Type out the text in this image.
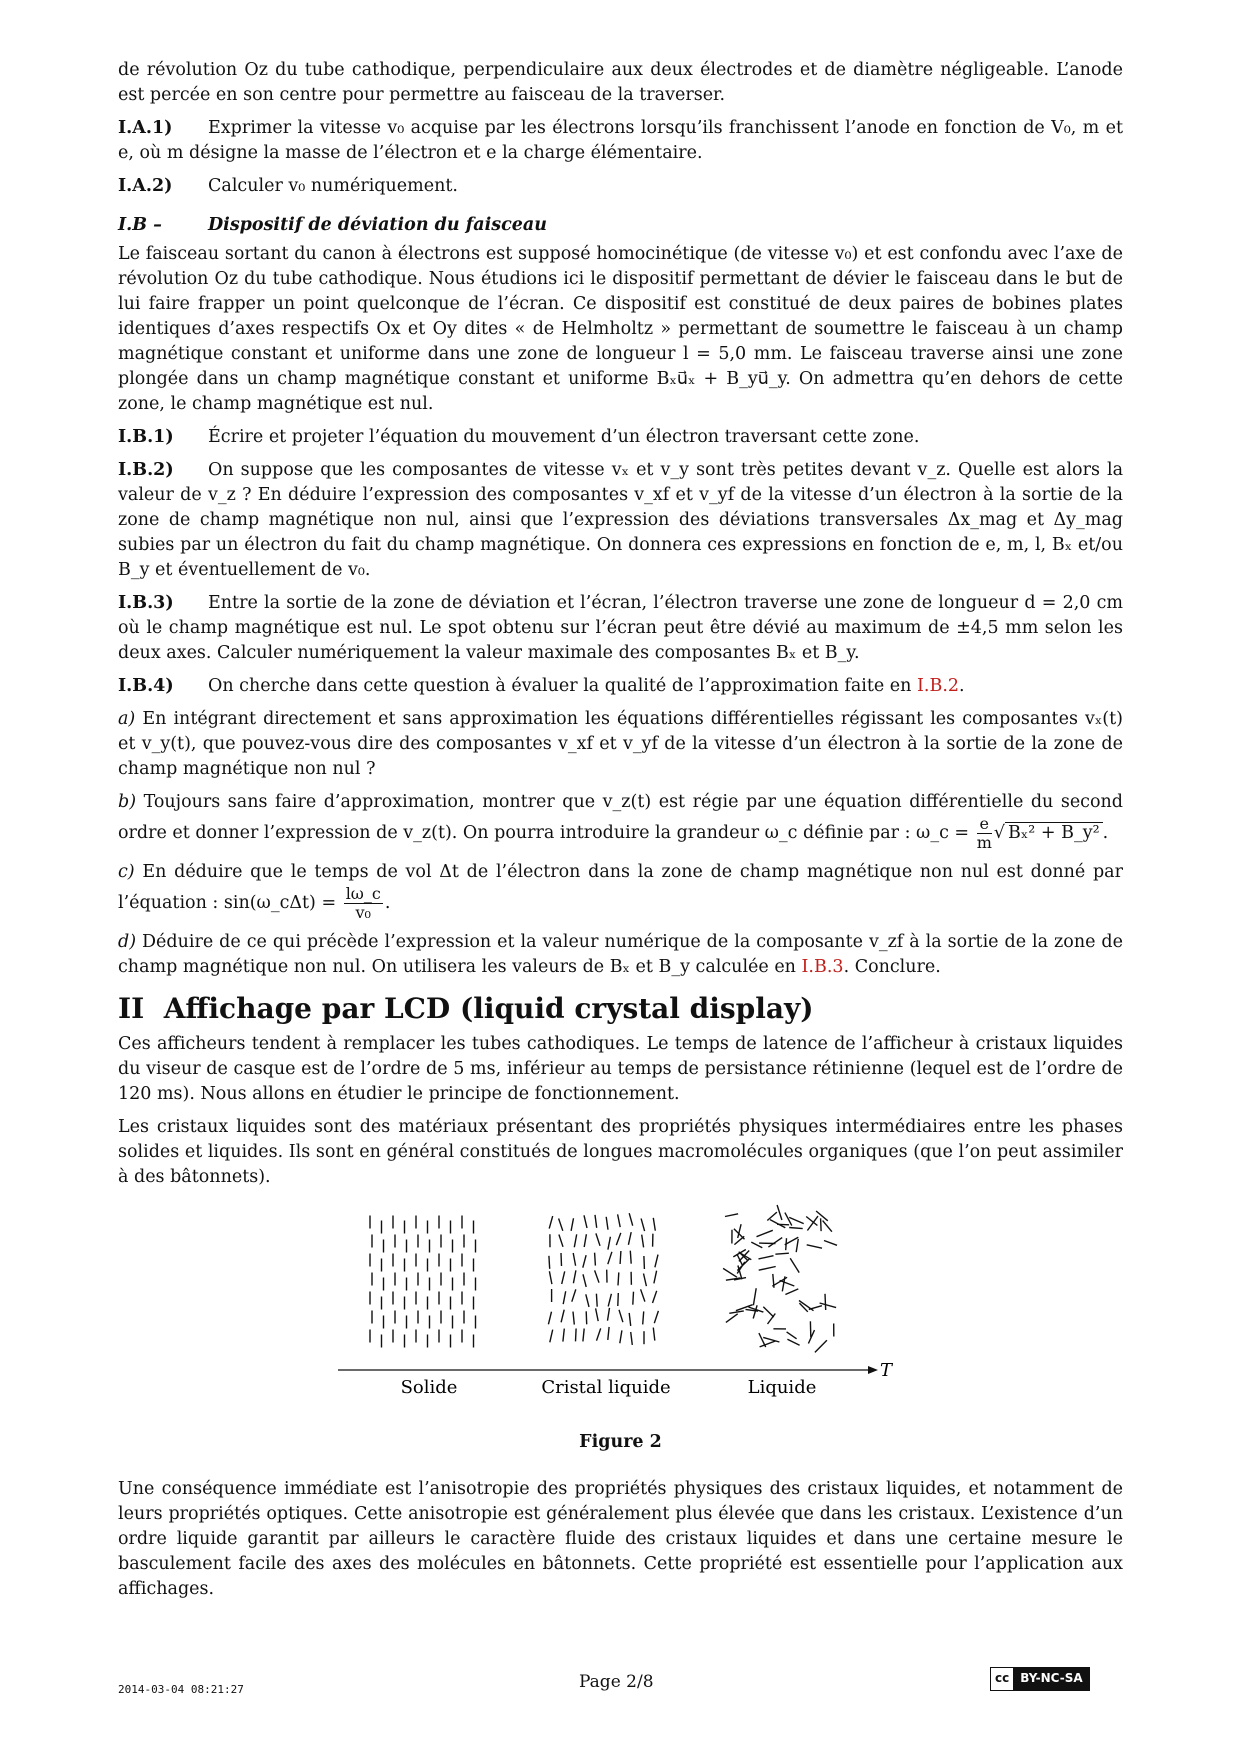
de révolution Oz du tube cathodique, perpendiculaire aux deux électrodes et de diamètre négligeable. L’anode est percée en son centre pour permettre au faisceau de la traverser.

I.A.1) Exprimer la vitesse v₀ acquise par les électrons lorsqu’ils franchissent l’anode en fonction de V₀, m et e, où m désigne la masse de l’électron et e la charge élémentaire.
I.A.2) Calculer v₀ numériquement.
I.B –	Dispositif de déviation du faisceau

Le faisceau sortant du canon à électrons est supposé homocinétique (de vitesse v₀) et est confondu avec l’axe de révolution Oz du tube cathodique. Nous étudions ici le dispositif permettant de dévier le faisceau dans le but de lui faire frapper un point quelconque de l’écran. Ce dispositif est constitué de deux paires de bobines plates identiques d’axes respectifs Ox et Oy dites « de Helmholtz » permettant de soumettre le faisceau à un champ magnétique constant et uniforme dans une zone de longueur l = 5,0 mm. Le faisceau traverse ainsi une zone plongée dans un champ magnétique constant et uniforme Bₓu⃗ₓ + B_yu⃗_y. On admettra qu’en dehors de cette zone, le champ magnétique est nul.

I.B.1) Écrire et projeter l’équation du mouvement d’un électron traversant cette zone.
I.B.2) On suppose que les composantes de vitesse vₓ et v_y sont très petites devant v_z. Quelle est alors la valeur de v_z ? En déduire l’expression des composantes v_xf et v_yf de la vitesse d’un électron à la sortie de la zone de champ magnétique non nul, ainsi que l’expression des déviations transversales Δx_mag et Δy_mag subies par un électron du fait du champ magnétique. On donnera ces expressions en fonction de e, m, l, Bₓ et/ou B_y et éventuellement de v₀.
I.B.3) Entre la sortie de la zone de déviation et l’écran, l’électron traverse une zone de longueur d = 2,0 cm où le champ magnétique est nul. Le spot obtenu sur l’écran peut être dévié au maximum de ±4,5 mm selon les deux axes. Calculer numériquement la valeur maximale des composantes Bₓ et B_y.
I.B.4) On cherche dans cette question à évaluer la qualité de l’approximation faite en I.B.2.

a) En intégrant directement et sans approximation les équations différentielles régissant les composantes vₓ(t) et v_y(t), que pouvez-vous dire des composantes v_xf et v_yf de la vitesse d’un électron à la sortie de la zone de champ magnétique non nul ?

b) Toujours sans faire d’approximation, montrer que v_z(t) est régie par une équation différentielle du second ordre et donner l’expression de v_z(t). On pourra introduire la grandeur ω_c définie par : ω_c = $\frac{e}{m}$ √ Bₓ² + B_y² .

c) En déduire que le temps de vol Δt de l’électron dans la zone de champ magnétique non nul est donné par l’équation : sin(ω_cΔt) = $\frac{l\omega\_c}{\text{v₀}}$ .

d) Déduire de ce qui précède l’expression et la valeur numérique de la composante v_zf à la sortie de la zone de champ magnétique non nul. On utilisera les valeurs de Bₓ et B_y calculée en I.B.3. Conclure.

II Affichage par LCD (liquid crystal display)

Ces afficheurs tendent à remplacer les tubes cathodiques. Le temps de latence de l’afficheur à cristaux liquides du viseur de casque est de l’ordre de 5 ms, inférieur au temps de persistance rétinienne (lequel est de l’ordre de 120 ms). Nous allons en étudier le principe de fonctionnement.

Les cristaux liquides sont des matériaux présentant des propriétés physiques intermédiaires entre les phases solides et liquides. Ils sont en général constitués de longues macromolécules organiques (que l’on peut assimiler à des bâtonnets).

T
Solide	Cristal liquide	Liquide
Figure 2

Une conséquence immédiate est l’anisotropie des propriétés physiques des cristaux liquides, et notamment de leurs propriétés optiques. Cette anisotropie est généralement plus élevée que dans les cristaux. L’existence d’un ordre liquide garantit par ailleurs le caractère fluide des cristaux liquides et dans une certaine mesure le basculement facile des axes des molécules en bâtonnets. Cette propriété est essentielle pour l’application aux affichages.

2014-03-04 08:21:27	Page 2/8	cc BY-NC-SA
